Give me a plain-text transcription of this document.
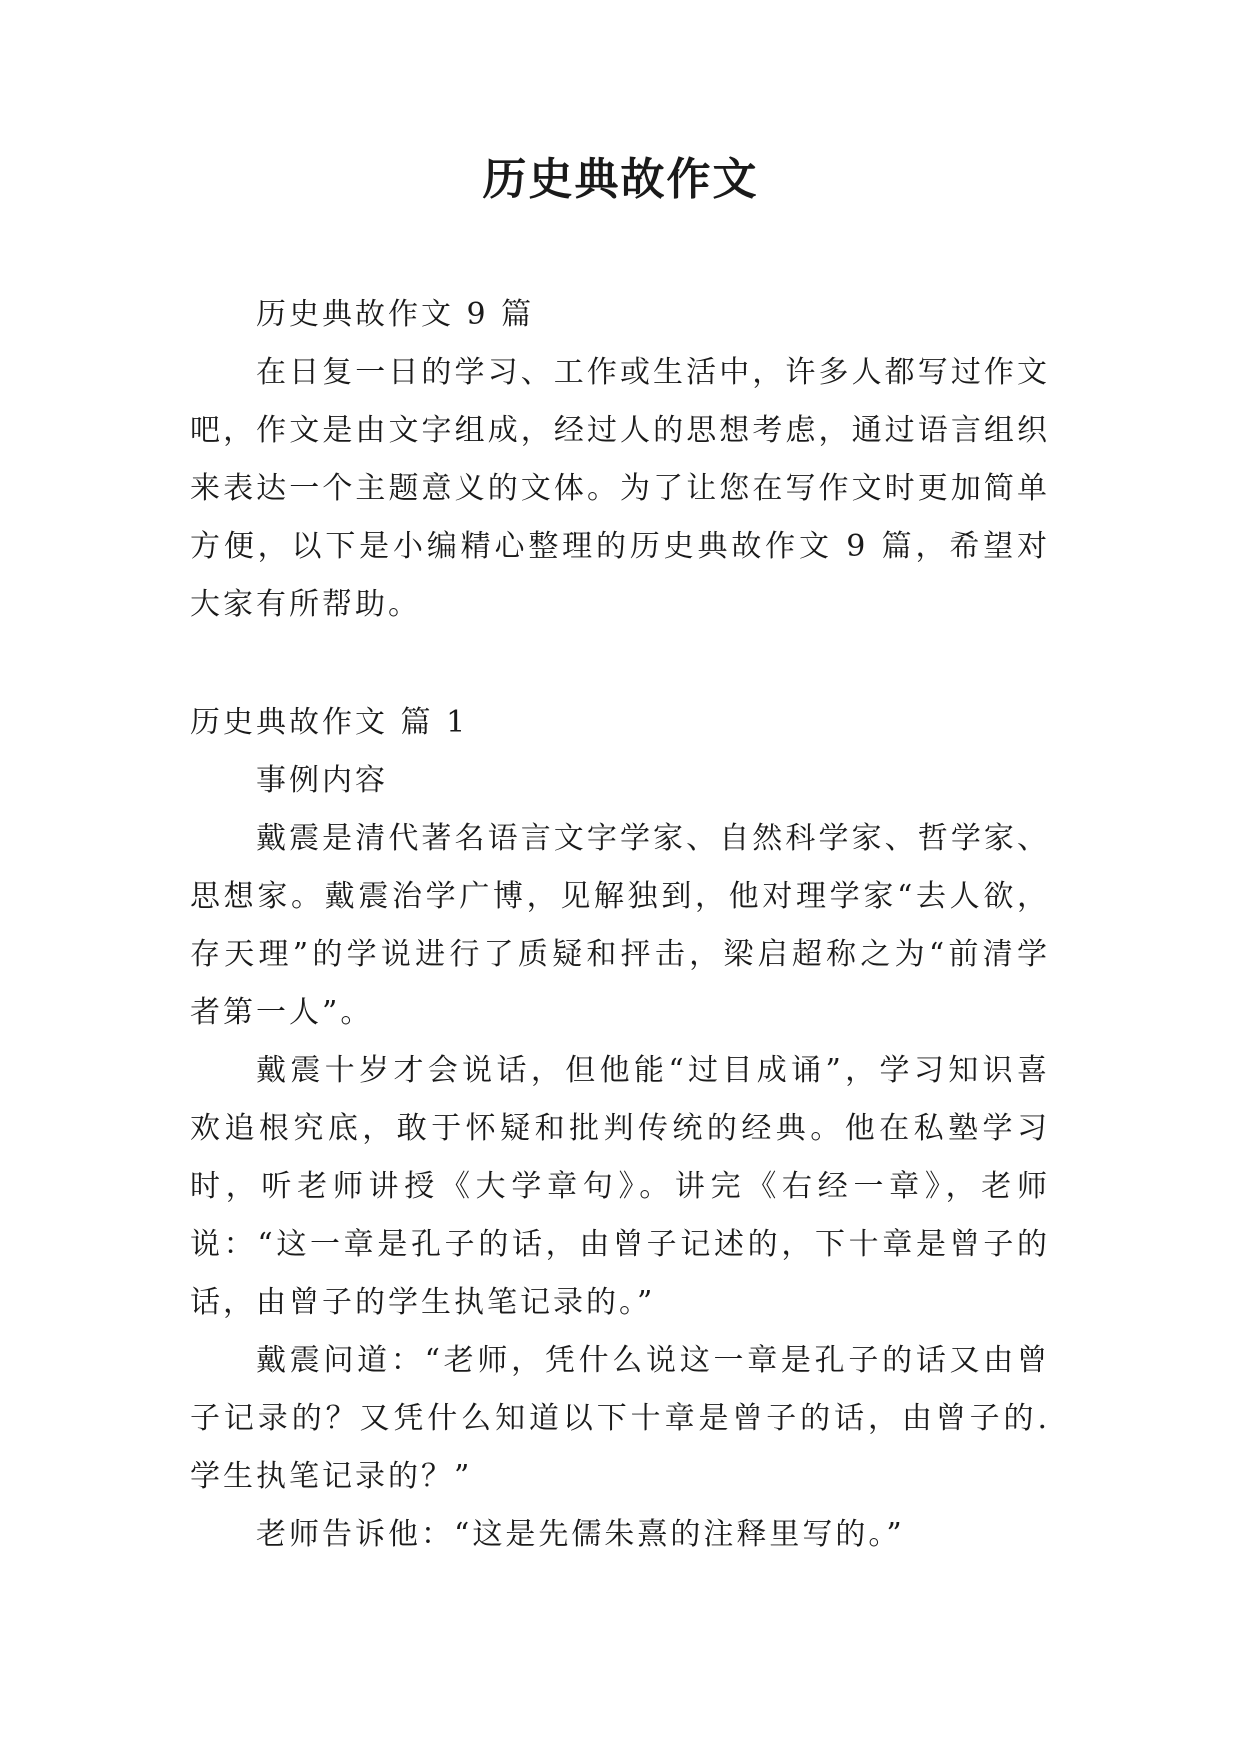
历史典故作文

历史典故作文 9 篇

在日复一日的学习、工作或生活中，许多人都写过作文吧，作文是由文字组成，经过人的思想考虑，通过语言组织来表达一个主题意义的文体。为了让您在写作文时更加简单方便，以下是小编精心整理的历史典故作文 9 篇，希望对大家有所帮助。

历史典故作文 篇 1

事例内容

戴震是清代著名语言文字学家、自然科学家、哲学家、思想家。戴震治学广博，见解独到，他对理学家“去人欲，存天理”的学说进行了质疑和抨击，梁启超称之为“前清学者第一人”。

戴震十岁才会说话，但他能“过目成诵”，学习知识喜欢追根究底，敢于怀疑和批判传统的经典。他在私塾学习时，听老师讲授《大学章句》。讲完《右经一章》，老师说：“这一章是孔子的话，由曾子记述的，下十章是曾子的话，由曾子的学生执笔记录的。”

戴震问道：“老师，凭什么说这一章是孔子的话又由曾子记录的？又凭什么知道以下十章是曾子的话，由曾子的.学生执笔记录的？”

老师告诉他：“这是先儒朱熹的注释里写的。”
